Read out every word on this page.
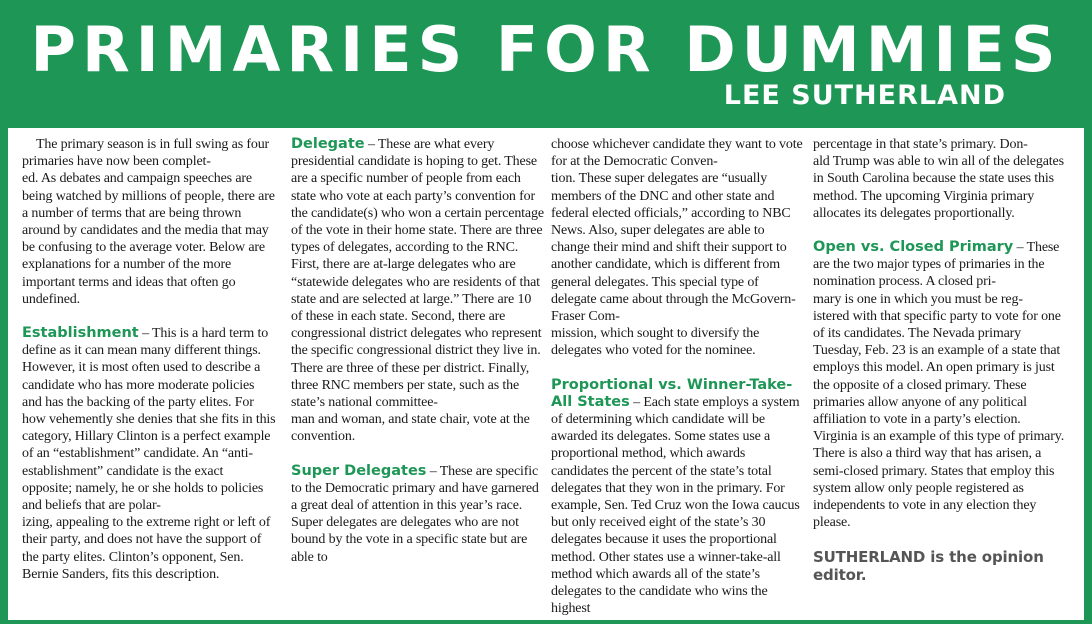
PRIMARIES FOR DUMMIES
LEE SUTHERLAND

The primary season is in full swing as four primaries have now been complet-
ed. As debates and campaign speeches are being watched by millions of people, there are a number of terms that are being thrown around by candidates and the media that may be confusing to the average voter. Below are explanations for a number of the more important terms and ideas that often go undefined.

Establishment – This is a hard term to define as it can mean many different things. However, it is most often used to describe a candidate who has more moderate policies and has the backing of the party elites. For how vehemently she denies that she fits in this category, Hillary Clinton is a perfect example of an “establishment” candidate. An “anti-establishment” candidate is the exact opposite; namely, he or she holds to policies and beliefs that are polar-
izing, appealing to the extreme right or left of their party, and does not have the support of the party elites. Clinton’s opponent, Sen. Bernie Sanders, fits this description.

Delegate – These are what every presidential candidate is hoping to get. These are a specific number of people from each state who vote at each party’s convention for the candidate(s) who won a certain percentage of the vote in their home state. There are three types of delegates, according to the RNC. First, there are at-large delegates who are “statewide delegates who are residents of that state and are selected at large.” There are 10 of these in each state. Second, there are congressional district delegates who represent the specific congressional district they live in. There are three of these per district. Finally, three RNC members per state, such as the state’s national committee-
man and woman, and state chair, vote at the convention.

Super Delegates – These are specific to the Democratic primary and have garnered a great deal of attention in this year’s race. Super delegates are delegates who are not bound by the vote in a specific state but are able to

choose whichever candidate they want to vote for at the Democratic Conven-
tion. These super delegates are “usually members of the DNC and other state and federal elected officials,” according to NBC News. Also, super delegates are able to change their mind and shift their support to another candidate, which is different from general delegates. This special type of delegate came about through the McGovern-Fraser Com-
mission, which sought to diversify the delegates who voted for the nominee.

Proportional vs. Winner-Take-All States – Each state employs a system of determining which candidate will be awarded its delegates. Some states use a proportional method, which awards candidates the percent of the state’s total delegates that they won in the primary. For example, Sen. Ted Cruz won the Iowa caucus but only received eight of the state’s 30 delegates because it uses the proportional method. Other states use a winner-take-all method which awards all of the state’s delegates to the candidate who wins the highest

percentage in that state’s primary. Don-
ald Trump was able to win all of the delegates in South Carolina because the state uses this method. The upcoming Virginia primary allocates its delegates proportionally.

Open vs. Closed Primary – These are the two major types of primaries in the nomination process. A closed pri-
mary is one in which you must be reg-
istered with that specific party to vote for one of its candidates. The Nevada primary Tuesday, Feb. 23 is an example of a state that employs this model. An open primary is just the opposite of a closed primary. These primaries allow anyone of any political affiliation to vote in a party’s election. Virginia is an example of this type of primary. There is also a third way that has arisen, a semi-closed primary. States that employ this system allow only people registered as independents to vote in any election they please.

SUTHERLAND is the opinion editor.
